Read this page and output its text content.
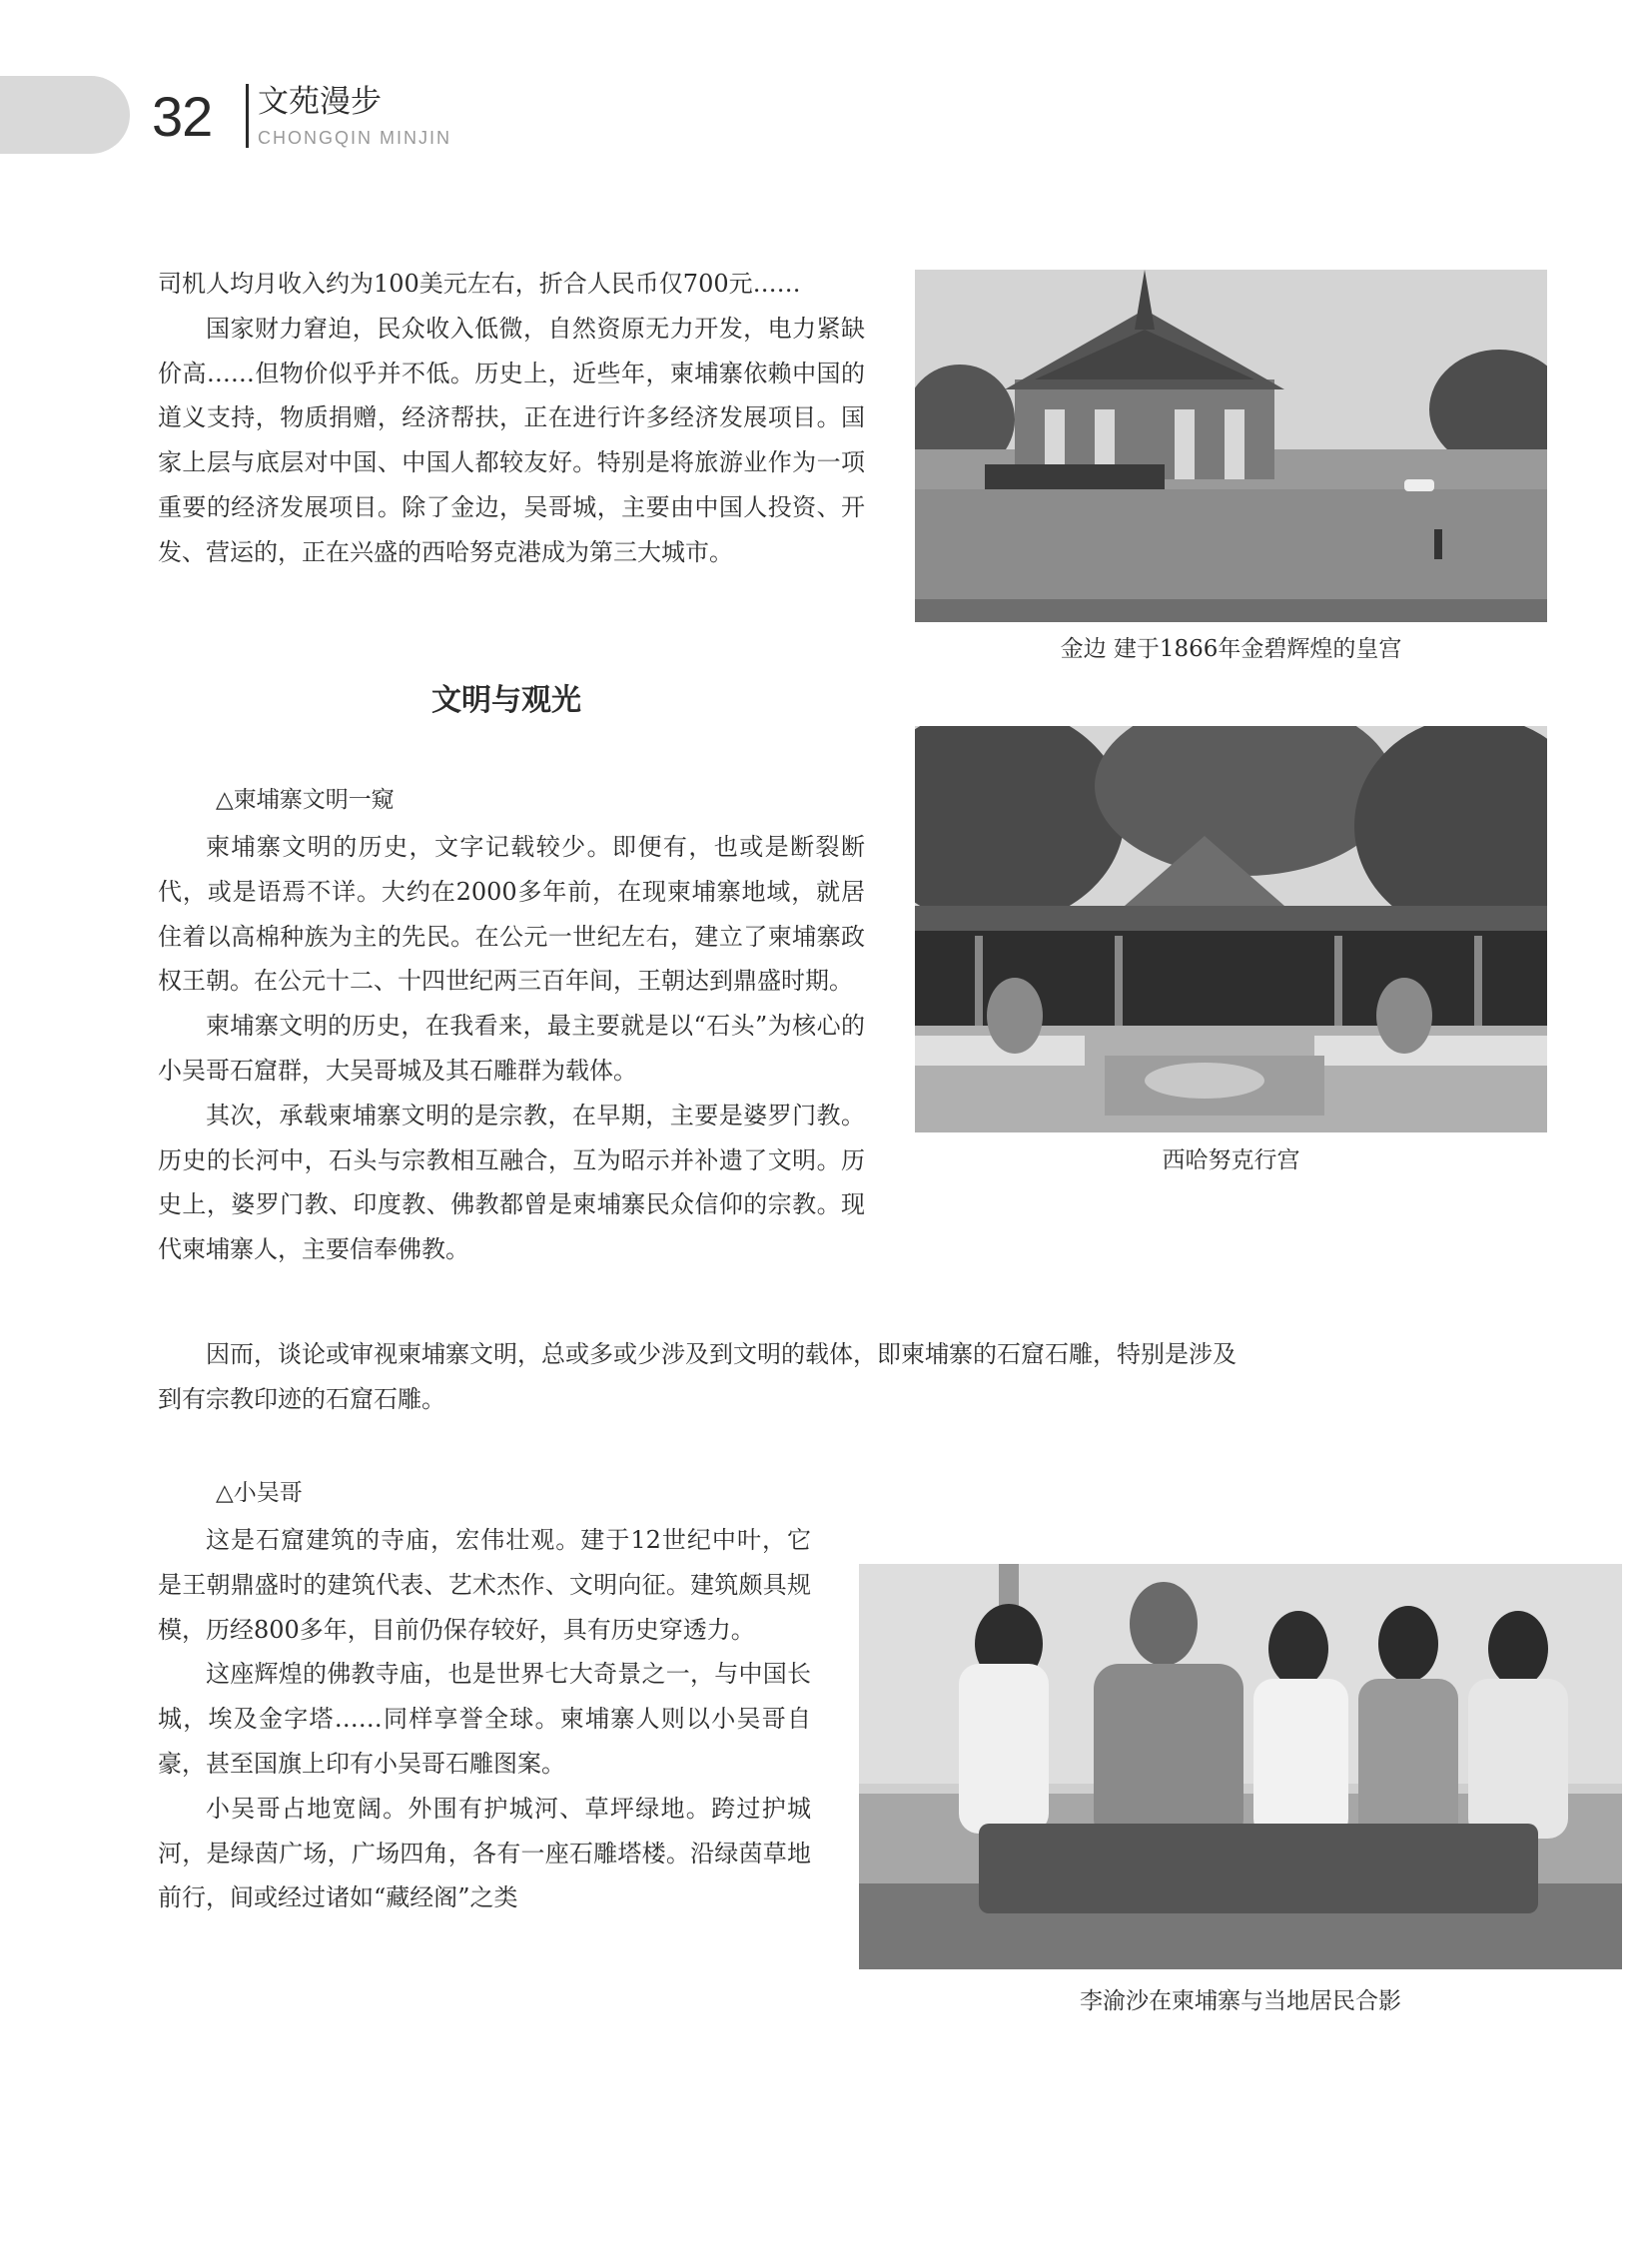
32 文苑漫步
CHONGQIN MINJIN

司机人均月收入约为100美元左右，折合人民币仅700元……

国家财力窘迫，民众收入低微，自然资原无力开发，电力紧缺价高……但物价似乎并不低。历史上，近些年，柬埔寨依赖中国的道义支持，物质捐赠，经济帮扶，正在进行许多经济发展项目。国家上层与底层对中国、中国人都较友好。特别是将旅游业作为一项重要的经济发展项目。除了金边，吴哥城，主要由中国人投资、开发、营运的，正在兴盛的西哈努克港成为第三大城市。

文明与观光
△柬埔寨文明一窥

柬埔寨文明的历史，文字记载较少。即便有，也或是断裂断代，或是语焉不详。大约在2000多年前，在现柬埔寨地域，就居住着以高棉种族为主的先民。在公元一世纪左右，建立了柬埔寨政权王朝。在公元十二、十四世纪两三百年间，王朝达到鼎盛时期。

柬埔寨文明的历史，在我看来，最主要就是以“石头”为核心的小吴哥石窟群，大吴哥城及其石雕群为载体。

其次，承载柬埔寨文明的是宗教，在早期，主要是婆罗门教。历史的长河中，石头与宗教相互融合，互为昭示并补遗了文明。历史上，婆罗门教、印度教、佛教都曾是柬埔寨民众信仰的宗教。现代柬埔寨人，主要信奉佛教。

因而，谈论或审视柬埔寨文明，总或多或少涉及到文明的载体，即柬埔寨的石窟石雕，特别是涉及到有宗教印迹的石窟石雕。

△小吴哥

这是石窟建筑的寺庙，宏伟壮观。建于12世纪中叶，它是王朝鼎盛时的建筑代表、艺术杰作、文明向征。建筑颇具规模，历经800多年，目前仍保存较好，具有历史穿透力。

这座辉煌的佛教寺庙，也是世界七大奇景之一，与中国长城，埃及金字塔……同样享誉全球。柬埔寨人则以小吴哥自豪，甚至国旗上印有小吴哥石雕图案。

小吴哥占地宽阔。外围有护城河、草坪绿地。跨过护城河，是绿茵广场，广场四角，各有一座石雕塔楼。沿绿茵草地前行，间或经过诸如“藏经阁”之类

金边 建于1866年金碧辉煌的皇宫
西哈努克行宫
李渝沙在柬埔寨与当地居民合影
